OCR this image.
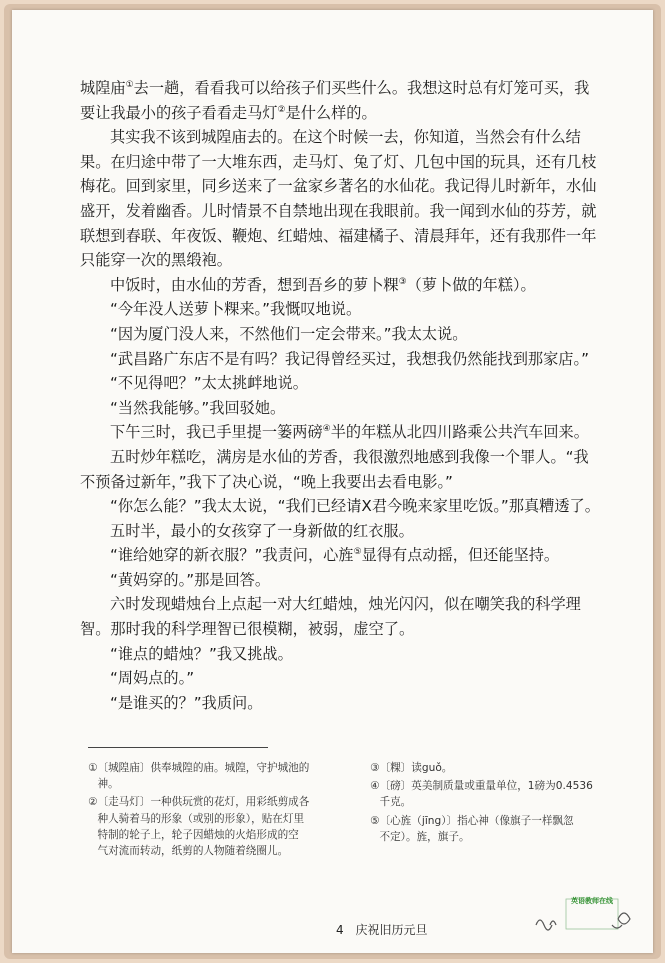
城隍庙①去一趟，看看我可以给孩子们买些什么。我想这时总有灯笼可买，我

要让我最小的孩子看看走马灯②是什么样的。

其实我不该到城隍庙去的。在这个时候一去，你知道，当然会有什么结

果。在归途中带了一大堆东西，走马灯、兔了灯、几包中国的玩具，还有几枝

梅花。回到家里，同乡送来了一盆家乡著名的水仙花。我记得儿时新年，水仙

盛开，发着幽香。儿时情景不自禁地出现在我眼前。我一闻到水仙的芬芳，就

联想到春联、年夜饭、鞭炮、红蜡烛、福建橘子、清晨拜年，还有我那件一年

只能穿一次的黑缎袍。

中饭时，由水仙的芳香，想到吾乡的萝卜粿③（萝卜做的年糕）。

“今年没人送萝卜粿来。”我慨叹地说。

“因为厦门没人来，不然他们一定会带来。”我太太说。

“武昌路广东店不是有吗？我记得曾经买过，我想我仍然能找到那家店。”

“不见得吧？”太太挑衅地说。

“当然我能够。”我回驳她。

下午三时，我已手里提一篓两磅④半的年糕从北四川路乘公共汽车回来。

五时炒年糕吃，满房是水仙的芳香，我很激烈地感到我像一个罪人。“我

不预备过新年，”我下了决心说，“晚上我要出去看电影。”

“你怎么能？”我太太说，“我们已经请X君今晚来家里吃饭。”那真糟透了。

五时半，最小的女孩穿了一身新做的红衣服。

“谁给她穿的新衣服？”我责问，心旌⑤显得有点动摇，但还能坚持。

“黄妈穿的。”那是回答。

六时发现蜡烛台上点起一对大红蜡烛，烛光闪闪，似在嘲笑我的科学理

智。那时我的科学理智已很模糊，被弱，虚空了。

“谁点的蜡烛？”我又挑战。

“周妈点的。”

“是谁买的？”我质问。

① 〔城隍庙〕供奉城隍的庙。城隍，守护城池的
神。
② 〔走马灯〕一种供玩赏的花灯，用彩纸剪成各
种人骑着马的形象（或别的形象），贴在灯里
特制的轮子上，轮子因蜡烛的火焰形成的空
气对流而转动，纸剪的人物随着绕圈儿。
③ 〔粿〕读guǒ。
④ 〔磅〕英美制质量或重量单位，1磅为0.4536
千克。
⑤ 〔心旌（jīng）〕指心神（像旗子一样飘忽
不定）。旌，旗子。
4 庆祝旧历元旦
英语教师在线
